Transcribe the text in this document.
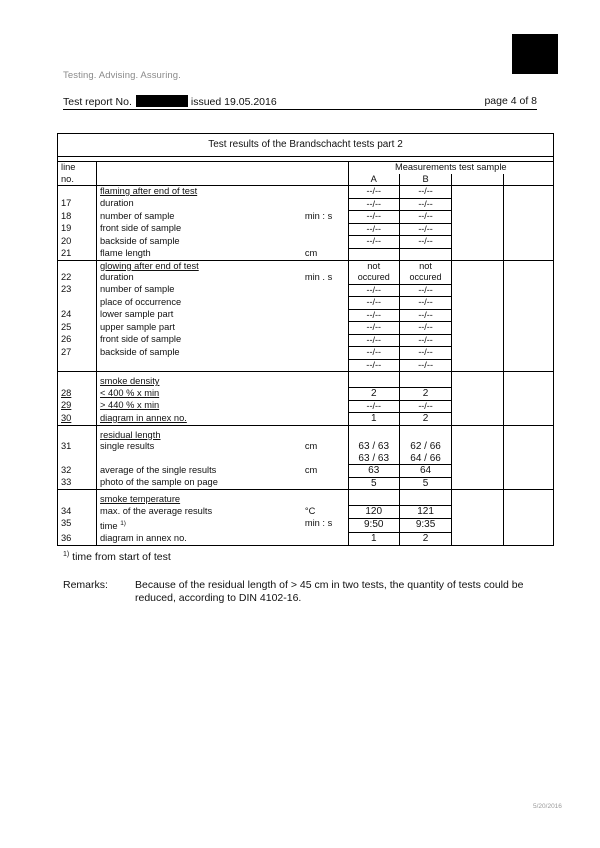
Testing. Advising. Assuring.
Test report No.	issued 19.05.2016	page 4 of 8
Test results of the Brandschacht tests part 2						

line			Measurements test sample			
no.			A	B		
	flaming after end of test		--/--	--/--		
17	duration		--/--	--/--		
18	number of sample	min : s	--/--	--/--		
19	front side of sample		--/--	--/--		
20	backside of sample		--/--	--/--		
21	flame length	cm				
	glowing after end of test		not	not		
22	duration	min . s	occured	occured		
23	number of sample		--/--	--/--		
	place of occurrence		--/--	--/--		
24	lower sample part		--/--	--/--		
25	upper sample part		--/--	--/--		
26	front side of sample		--/--	--/--		
27	backside of sample		--/--	--/--		
			--/--	--/--		

	smoke density					
28	< 400 % x min		2	2		
29	> 440 % x min		--/--	--/--		
30	diagram in annex no.		1	2		

	residual length					
31	single results	cm	63 / 63	62 / 66		
			63 / 63	64 / 66		
32	average of the single results	cm	63	64		
33	photo of the sample on page		5	5		

	smoke temperature					
34	max. of the average results	°C	120	121		
35	time $^{1)}$	min : s	9:50	9:35		
36	diagram in annex no.		1	2		
$^{1)}$ time from start of test
Remarks:	Because of the residual length of > 45 cm in two tests, the quantity of tests could be reduced, according to DIN 4102-16.
5/20/2016
